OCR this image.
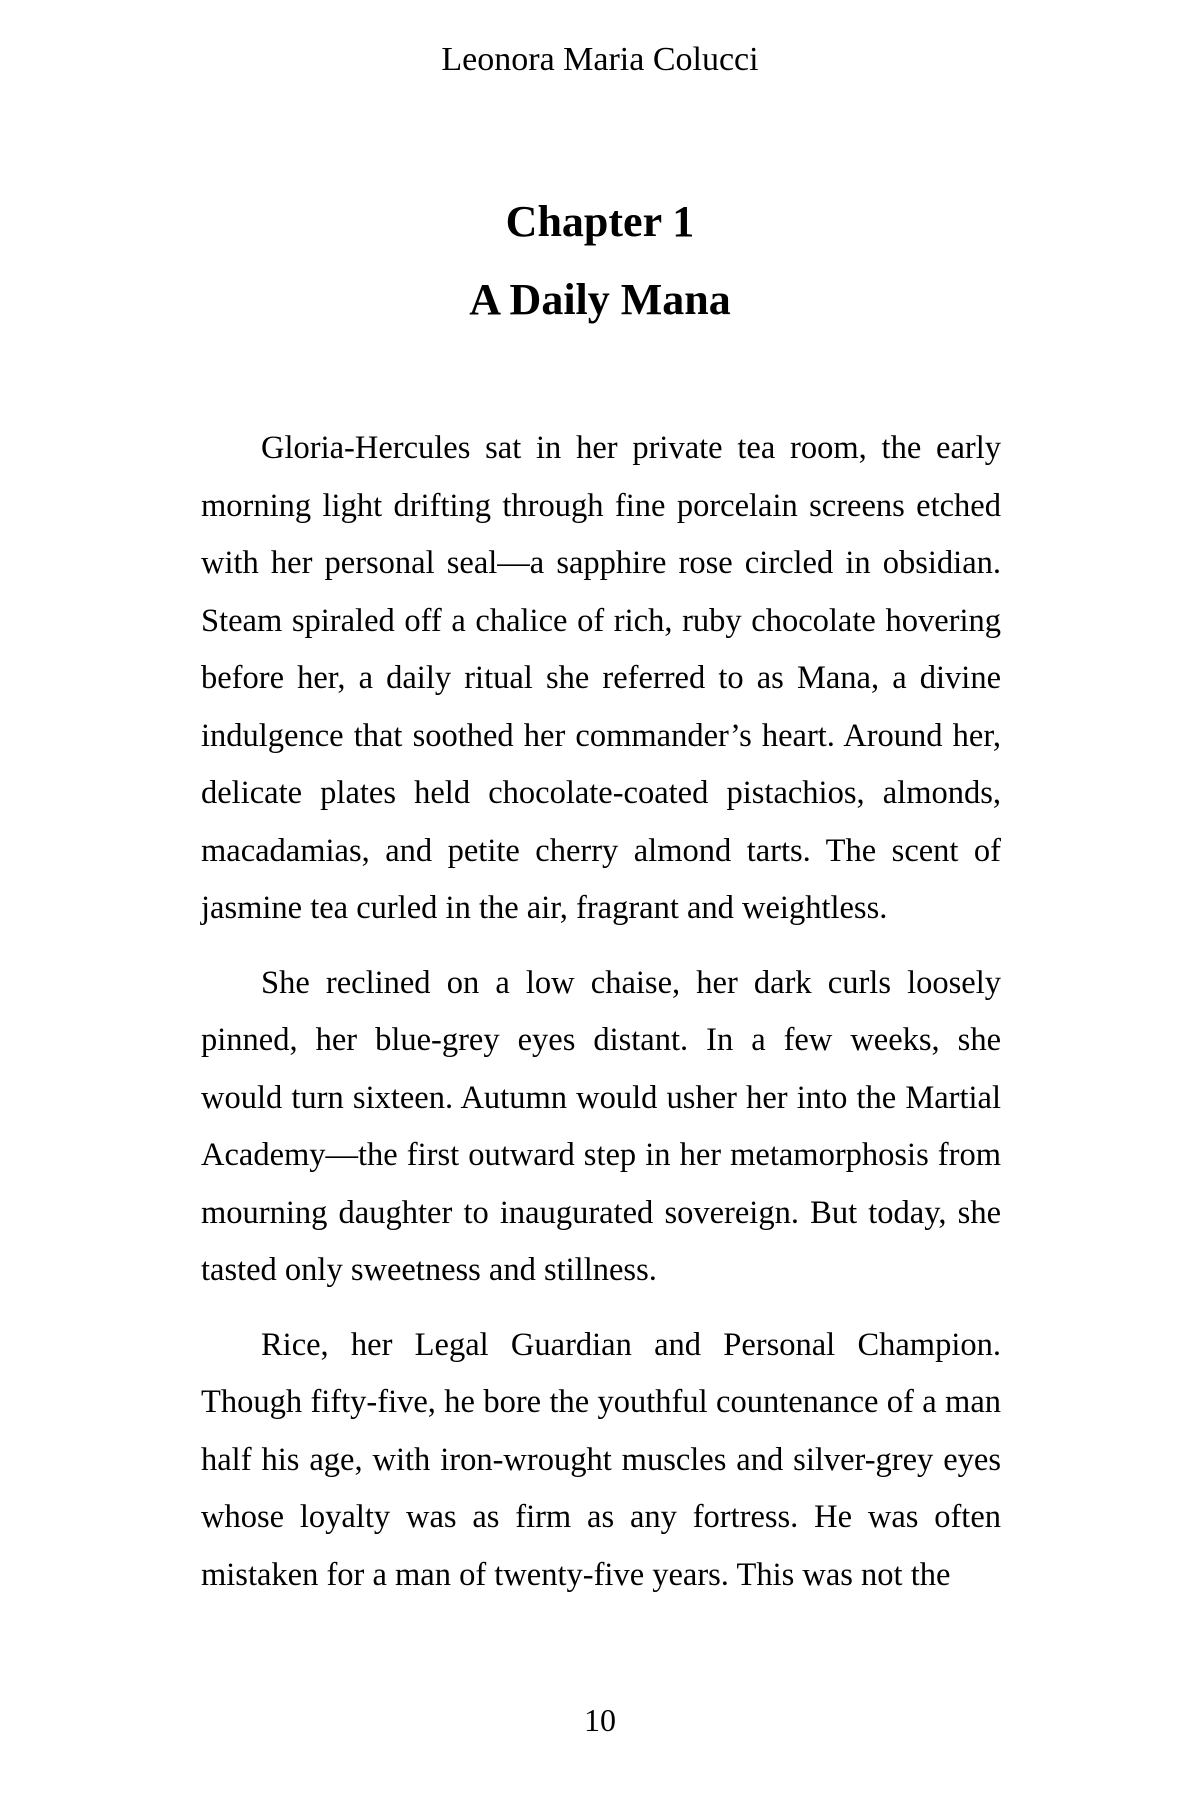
Leonora Maria Colucci
Chapter 1
A Daily Mana

Gloria-Hercules sat in her private tea room, the early morning light drifting through fine porcelain screens etched with her personal seal—a sapphire rose circled in obsidian. Steam spiraled off a chalice of rich, ruby chocolate hovering before her, a daily ritual she referred to as Mana, a divine indulgence that soothed her commander’s heart. Around her, delicate plates held chocolate-coated pistachios, almonds, macadamias, and petite cherry almond tarts. The scent of jasmine tea curled in the air, fragrant and weightless.

She reclined on a low chaise, her dark curls loosely pinned, her blue-grey eyes distant. In a few weeks, she would turn sixteen. Autumn would usher her into the Martial Academy—the first outward step in her metamorphosis from mourning daughter to inaugurated sovereign. But today, she tasted only sweetness and stillness.

Rice, her Legal Guardian and Personal Champion. Though fifty-five, he bore the youthful countenance of a man half his age, with iron-wrought muscles and silver-grey eyes whose loyalty was as firm as any fortress. He was often mistaken for a man of twenty-five years. This was not the

10
